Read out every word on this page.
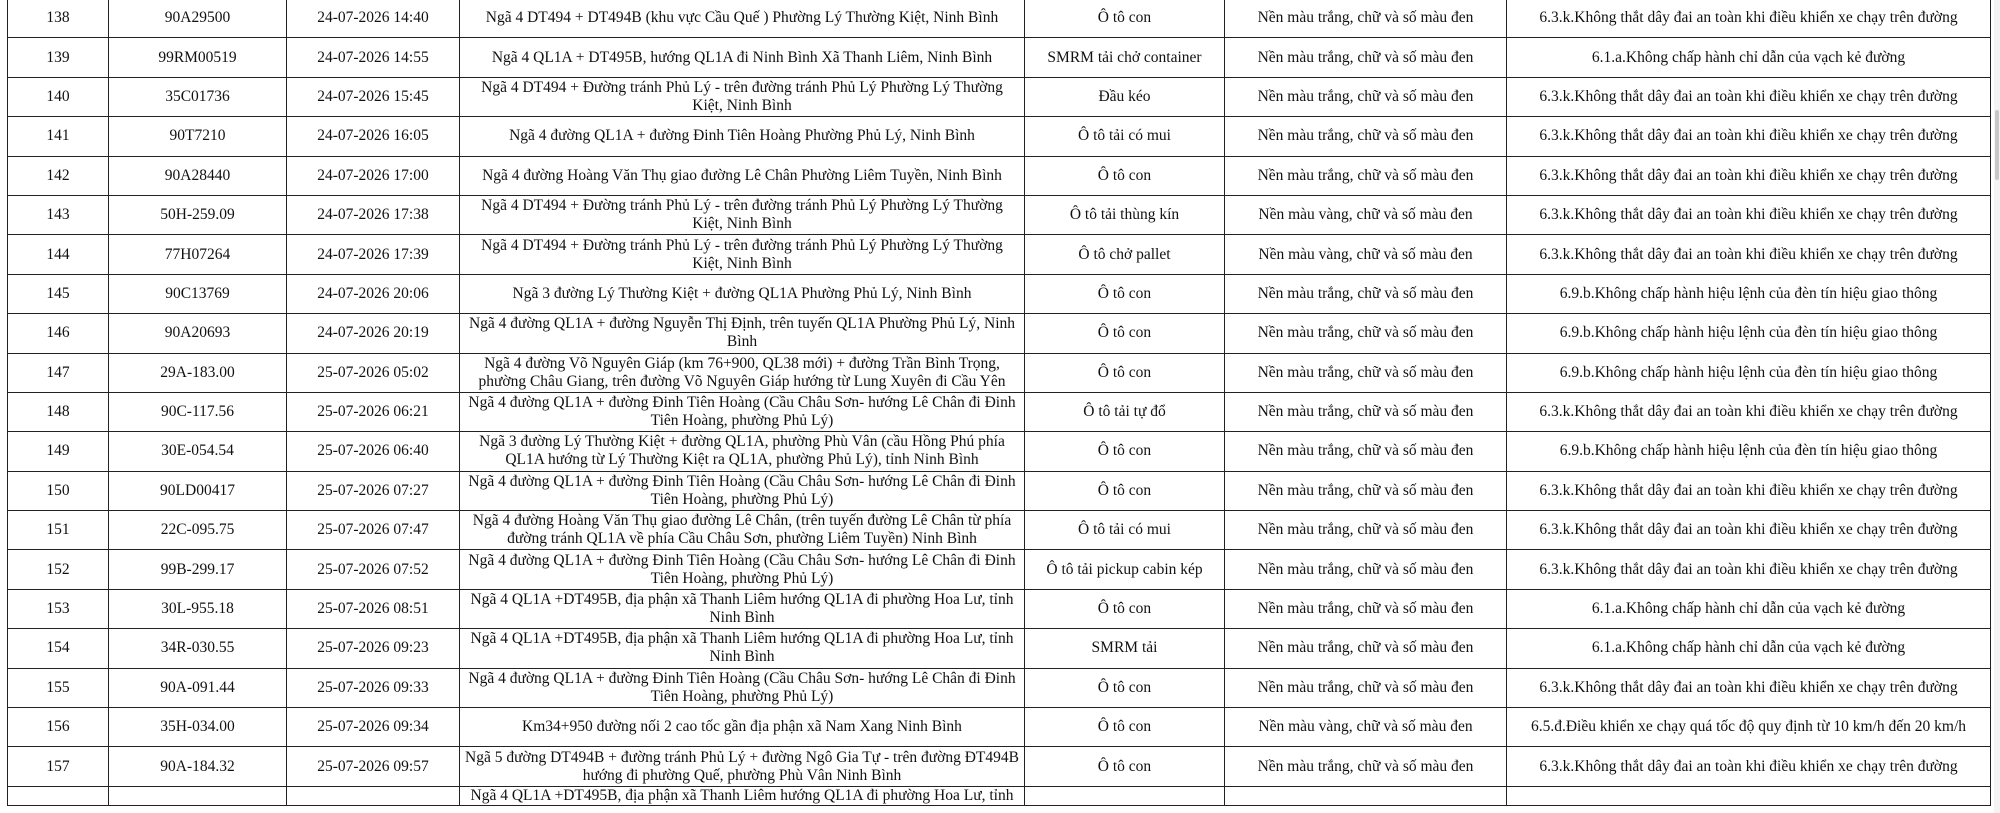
138	90A29500	24-07-2026 14:40	Ngã 4 DT494 + DT494B (khu vực Cầu Quế ) Phường Lý Thường Kiệt, Ninh Bình	Ô tô con	Nền màu trắng, chữ và số màu đen	6.3.k.Không thắt dây đai an toàn khi điều khiển xe chạy trên đường
139	99RM00519	24-07-2026 14:55	Ngã 4 QL1A + DT495B, hướng QL1A đi Ninh Bình Xã Thanh Liêm, Ninh Bình	SMRM tải chở container	Nền màu trắng, chữ và số màu đen	6.1.a.Không chấp hành chỉ dẫn của vạch kẻ đường
140	35C01736	24-07-2026 15:45	Ngã 4 DT494 + Đường tránh Phủ Lý - trên đường tránh Phủ Lý Phường Lý Thường Kiệt, Ninh Bình	Đầu kéo	Nền màu trắng, chữ và số màu đen	6.3.k.Không thắt dây đai an toàn khi điều khiển xe chạy trên đường
141	90T7210	24-07-2026 16:05	Ngã 4 đường QL1A + đường Đinh Tiên Hoàng Phường Phủ Lý, Ninh Bình	Ô tô tải có mui	Nền màu trắng, chữ và số màu đen	6.3.k.Không thắt dây đai an toàn khi điều khiển xe chạy trên đường
142	90A28440	24-07-2026 17:00	Ngã 4 đường Hoàng Văn Thụ giao đường Lê Chân Phường Liêm Tuyền, Ninh Bình	Ô tô con	Nền màu trắng, chữ và số màu đen	6.3.k.Không thắt dây đai an toàn khi điều khiển xe chạy trên đường
143	50H-259.09	24-07-2026 17:38	Ngã 4 DT494 + Đường tránh Phủ Lý - trên đường tránh Phủ Lý Phường Lý Thường Kiệt, Ninh Bình	Ô tô tải thùng kín	Nền màu vàng, chữ và số màu đen	6.3.k.Không thắt dây đai an toàn khi điều khiển xe chạy trên đường
144	77H07264	24-07-2026 17:39	Ngã 4 DT494 + Đường tránh Phủ Lý - trên đường tránh Phủ Lý Phường Lý Thường Kiệt, Ninh Bình	Ô tô chở pallet	Nền màu vàng, chữ và số màu đen	6.3.k.Không thắt dây đai an toàn khi điều khiển xe chạy trên đường
145	90C13769	24-07-2026 20:06	Ngã 3 đường Lý Thường Kiệt + đường QL1A Phường Phủ Lý, Ninh Bình	Ô tô con	Nền màu trắng, chữ và số màu đen	6.9.b.Không chấp hành hiệu lệnh của đèn tín hiệu giao thông
146	90A20693	24-07-2026 20:19	Ngã 4 đường QL1A + đường Nguyễn Thị Định, trên tuyến QL1A Phường Phủ Lý, Ninh Bình	Ô tô con	Nền màu trắng, chữ và số màu đen	6.9.b.Không chấp hành hiệu lệnh của đèn tín hiệu giao thông
147	29A-183.00	25-07-2026 05:02	Ngã 4 đường Võ Nguyên Giáp (km 76+900, QL38 mới) + đường Trần Bình Trọng, phường Châu Giang, trên đường Võ Nguyên Giáp hướng từ Lung Xuyên đi Cầu Yên	Ô tô con	Nền màu trắng, chữ và số màu đen	6.9.b.Không chấp hành hiệu lệnh của đèn tín hiệu giao thông
148	90C-117.56	25-07-2026 06:21	Ngã 4 đường QL1A + đường Đinh Tiên Hoàng (Cầu Châu Sơn- hướng Lê Chân đi Đinh Tiên Hoàng, phường Phủ Lý)	Ô tô tải tự đổ	Nền màu trắng, chữ và số màu đen	6.3.k.Không thắt dây đai an toàn khi điều khiển xe chạy trên đường
149	30E-054.54	25-07-2026 06:40	Ngã 3 đường Lý Thường Kiệt + đường QL1A, phường Phù Vân (cầu Hồng Phú phía QL1A hướng từ Lý Thường Kiệt ra QL1A, phường Phủ Lý), tỉnh Ninh Bình	Ô tô con	Nền màu trắng, chữ và số màu đen	6.9.b.Không chấp hành hiệu lệnh của đèn tín hiệu giao thông
150	90LD00417	25-07-2026 07:27	Ngã 4 đường QL1A + đường Đinh Tiên Hoàng (Cầu Châu Sơn- hướng Lê Chân đi Đinh Tiên Hoàng, phường Phủ Lý)	Ô tô con	Nền màu trắng, chữ và số màu đen	6.3.k.Không thắt dây đai an toàn khi điều khiển xe chạy trên đường
151	22C-095.75	25-07-2026 07:47	Ngã 4 đường Hoàng Văn Thụ giao đường Lê Chân, (trên tuyến đường Lê Chân từ phía đường tránh QL1A về phía Cầu Châu Sơn, phường Liêm Tuyền) Ninh Bình	Ô tô tải có mui	Nền màu trắng, chữ và số màu đen	6.3.k.Không thắt dây đai an toàn khi điều khiển xe chạy trên đường
152	99B-299.17	25-07-2026 07:52	Ngã 4 đường QL1A + đường Đinh Tiên Hoàng (Cầu Châu Sơn- hướng Lê Chân đi Đinh Tiên Hoàng, phường Phủ Lý)	Ô tô tải pickup cabin kép	Nền màu trắng, chữ và số màu đen	6.3.k.Không thắt dây đai an toàn khi điều khiển xe chạy trên đường
153	30L-955.18	25-07-2026 08:51	Ngã 4 QL1A +DT495B, địa phận xã Thanh Liêm hướng QL1A đi phường Hoa Lư, tỉnh Ninh Bình	Ô tô con	Nền màu trắng, chữ và số màu đen	6.1.a.Không chấp hành chỉ dẫn của vạch kẻ đường
154	34R-030.55	25-07-2026 09:23	Ngã 4 QL1A +DT495B, địa phận xã Thanh Liêm hướng QL1A đi phường Hoa Lư, tỉnh Ninh Bình	SMRM tải	Nền màu trắng, chữ và số màu đen	6.1.a.Không chấp hành chỉ dẫn của vạch kẻ đường
155	90A-091.44	25-07-2026 09:33	Ngã 4 đường QL1A + đường Đinh Tiên Hoàng (Cầu Châu Sơn- hướng Lê Chân đi Đinh Tiên Hoàng, phường Phủ Lý)	Ô tô con	Nền màu trắng, chữ và số màu đen	6.3.k.Không thắt dây đai an toàn khi điều khiển xe chạy trên đường
156	35H-034.00	25-07-2026 09:34	Km34+950 đường nối 2 cao tốc gần địa phận xã Nam Xang Ninh Bình	Ô tô con	Nền màu vàng, chữ và số màu đen	6.5.đ.Điều khiển xe chạy quá tốc độ quy định từ 10 km/h đến 20 km/h
157	90A-184.32	25-07-2026 09:57	Ngã 5 đường DT494B + đường tránh Phủ Lý + đường Ngô Gia Tự - trên đường ĐT494B hướng đi phường Quế, phường Phù Vân Ninh Bình	Ô tô con	Nền màu trắng, chữ và số màu đen	6.3.k.Không thắt dây đai an toàn khi điều khiển xe chạy trên đường
			Ngã 4 QL1A +DT495B, địa phận xã Thanh Liêm hướng QL1A đi phường Hoa Lư, tỉnh			
